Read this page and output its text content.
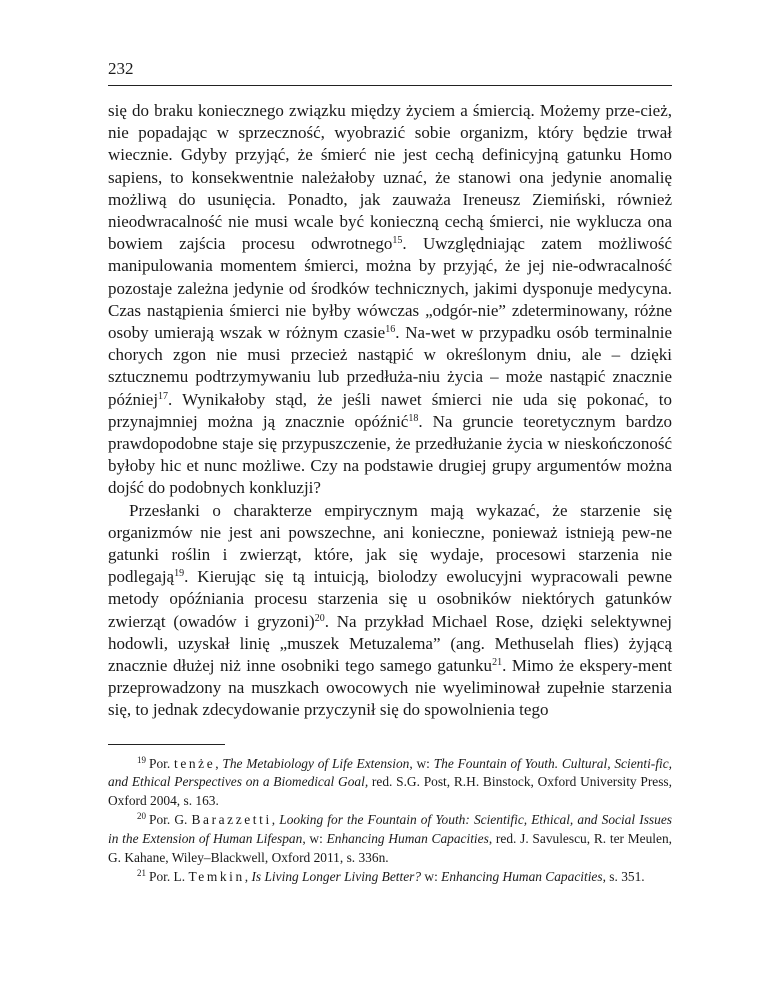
232

się do braku koniecznego związku między życiem a śmiercią. Możemy prze-cież, nie popadając w sprzeczność, wyobrazić sobie organizm, który będzie trwał wiecznie. Gdyby przyjąć, że śmierć nie jest cechą definicyjną gatunku Homo sapiens, to konsekwentnie należałoby uznać, że stanowi ona jedynie anomalię możliwą do usunięcia. Ponadto, jak zauważa Ireneusz Ziemiński, również nieodwracalność nie musi wcale być konieczną cechą śmierci, nie wyklucza ona bowiem zajścia procesu odwrotnego$^{15}$. Uwzględniając zatem możliwość manipulowania momentem śmierci, można by przyjąć, że jej nie-odwracalność pozostaje zależna jedynie od środków technicznych, jakimi dysponuje medycyna. Czas nastąpienia śmierci nie byłby wówczas „odgór-nie” zdeterminowany, różne osoby umierają wszak w różnym czasie$^{16}$. Na-wet w przypadku osób terminalnie chorych zgon nie musi przecież nastąpić w określonym dniu, ale – dzięki sztucznemu podtrzymywaniu lub przedłuża-niu życia – może nastąpić znacznie później$^{17}$. Wynikałoby stąd, że jeśli nawet śmierci nie uda się pokonać, to przynajmniej można ją znacznie opóźnić$^{18}$. Na gruncie teoretycznym bardzo prawdopodobne staje się przypuszczenie, że przedłużanie życia w nieskończoność byłoby hic et nunc możliwe. Czy na podstawie drugiej grupy argumentów można dojść do podobnych konkluzji?

Przesłanki o charakterze empirycznym mają wykazać, że starzenie się organizmów nie jest ani powszechne, ani konieczne, ponieważ istnieją pew-ne gatunki roślin i zwierząt, które, jak się wydaje, procesowi starzenia nie podlegają$^{19}$. Kierując się tą intuicją, biolodzy ewolucyjni wypracowali pewne metody opóźniania procesu starzenia się u osobników niektórych gatunków zwierząt (owadów i gryzoni)$^{20}$. Na przykład Michael Rose, dzięki selektywnej hodowli, uzyskał linię „muszek Metuzalema” (ang. Methuselah flies) żyjącą znacznie dłużej niż inne osobniki tego samego gatunku$^{21}$. Mimo że ekspery-ment przeprowadzony na muszkach owocowych nie wyeliminował zupełnie starzenia się, to jednak zdecydowanie przyczynił się do spowolnienia tego

$^{19}$ Por. tenże, The Metabiology of Life Extension, w: The Fountain of Youth. Cultural, Scienti-fic, and Ethical Perspectives on a Biomedical Goal, red. S.G. Post, R.H. Binstock, Oxford University Press, Oxford 2004, s. 163.

$^{20}$ Por. G. Barazzetti, Looking for the Fountain of Youth: Scientific, Ethical, and Social Issues in the Extension of Human Lifespan, w: Enhancing Human Capacities, red. J. Savulescu, R. ter Meulen, G. Kahane, Wiley–Blackwell, Oxford 2011, s. 336n.

$^{21}$ Por. L. Temkin, Is Living Longer Living Better? w: Enhancing Human Capacities, s. 351.
